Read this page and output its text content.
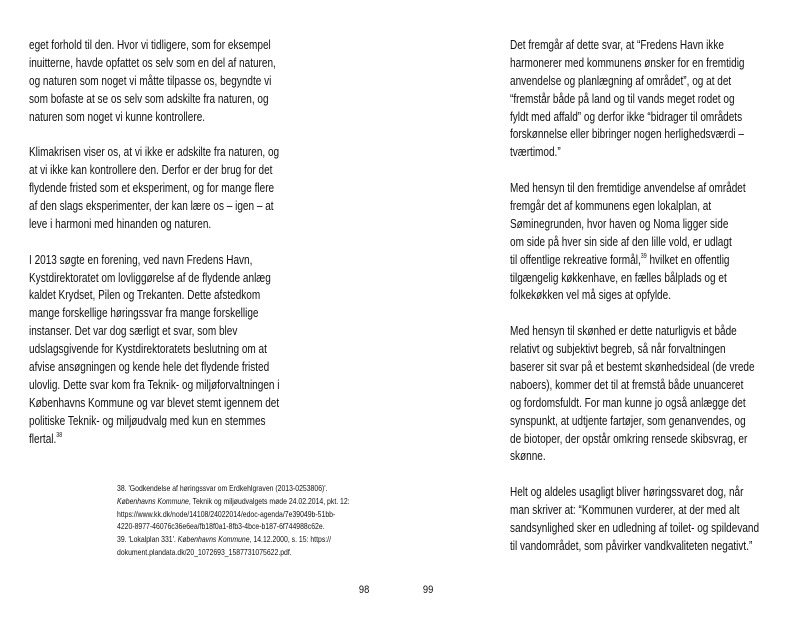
eget forhold til den. Hvor vi tidligere, som for eksempel
inuitterne, havde opfattet os selv som en del af naturen,
og naturen som noget vi måtte tilpasse os, begyndte vi
som bofaste at se os selv som adskilte fra naturen, og
naturen som noget vi kunne kontrollere.
Klimakrisen viser os, at vi ikke er adskilte fra naturen, og
at vi ikke kan kontrollere den. Derfor er der brug for det
flydende fristed som et eksperiment, og for mange flere
af den slags eksperimenter, der kan lære os – igen – at
leve i harmoni med hinanden og naturen.
I 2013 søgte en forening, ved navn Fredens Havn,
Kystdirektoratet om lovliggørelse af de flydende anlæg
kaldet Krydset, Pilen og Trekanten. Dette afstedkom
mange forskellige høringssvar fra mange forskellige
instanser. Det var dog særligt et svar, som blev
udslagsgivende for Kystdirektoratets beslutning om at
afvise ansøgningen og kende hele det flydende fristed
ulovlig. Dette svar kom fra Teknik- og miljøforvaltningen i
Københavns Kommune og var blevet stemt igennem det
politiske Teknik- og miljøudvalg med kun en stemmes
flertal.$^{38}$
38. 'Godkendelse af høringssvar om Erdkehlgraven (2013-0253806)'.
Københavns Kommune, Teknik og miljøudvalgets møde 24.02.2014, pkt. 12:
https://www.kk.dk/node/14108/24022014/edoc-agenda/7e39049b-51bb-
4220-8977-46076c36e6ea/fb18f0a1-8fb3-4bce-b187-6f744988c62e.
39. 'Lokalplan 331'. Københavns Kommune, 14.12.2000, s. 15: https://
dokument.plandata.dk/20_1072693_1587731075622.pdf.
98
Det fremgår af dette svar, at “Fredens Havn ikke
harmonerer med kommunens ønsker for en fremtidig
anvendelse og planlægning af området”, og at det
“fremstår både på land og til vands meget rodet og
fyldt med affald” og derfor ikke “bidrager til områdets
forskønnelse eller bibringer nogen herlighedsværdi –
tværtimod.”
Med hensyn til den fremtidige anvendelse af området
fremgår det af kommunens egen lokalplan, at
Søminegrunden, hvor haven og Noma ligger side
om side på hver sin side af den lille vold, er udlagt
til offentlige rekreative formål,$^{39}$ hvilket en offentlig
tilgængelig køkkenhave, en fælles bålplads og et
folkekøkken vel må siges at opfylde.
Med hensyn til skønhed er dette naturligvis et både
relativt og subjektivt begreb, så når forvaltningen
baserer sit svar på et bestemt skønhedsideal (de vrede
naboers), kommer det til at fremstå både unuanceret
og fordomsfuldt. For man kunne jo også anlægge det
synspunkt, at udtjente fartøjer, som genanvendes, og
de biotoper, der opstår omkring rensede skibsvrag, er
skønne.
Helt og aldeles usagligt bliver høringssvaret dog, når
man skriver at: “Kommunen vurderer, at der med alt
sandsynlighed sker en udledning af toilet- og spildevand
til vandområdet, som påvirker vandkvaliteten negativt.”
99
